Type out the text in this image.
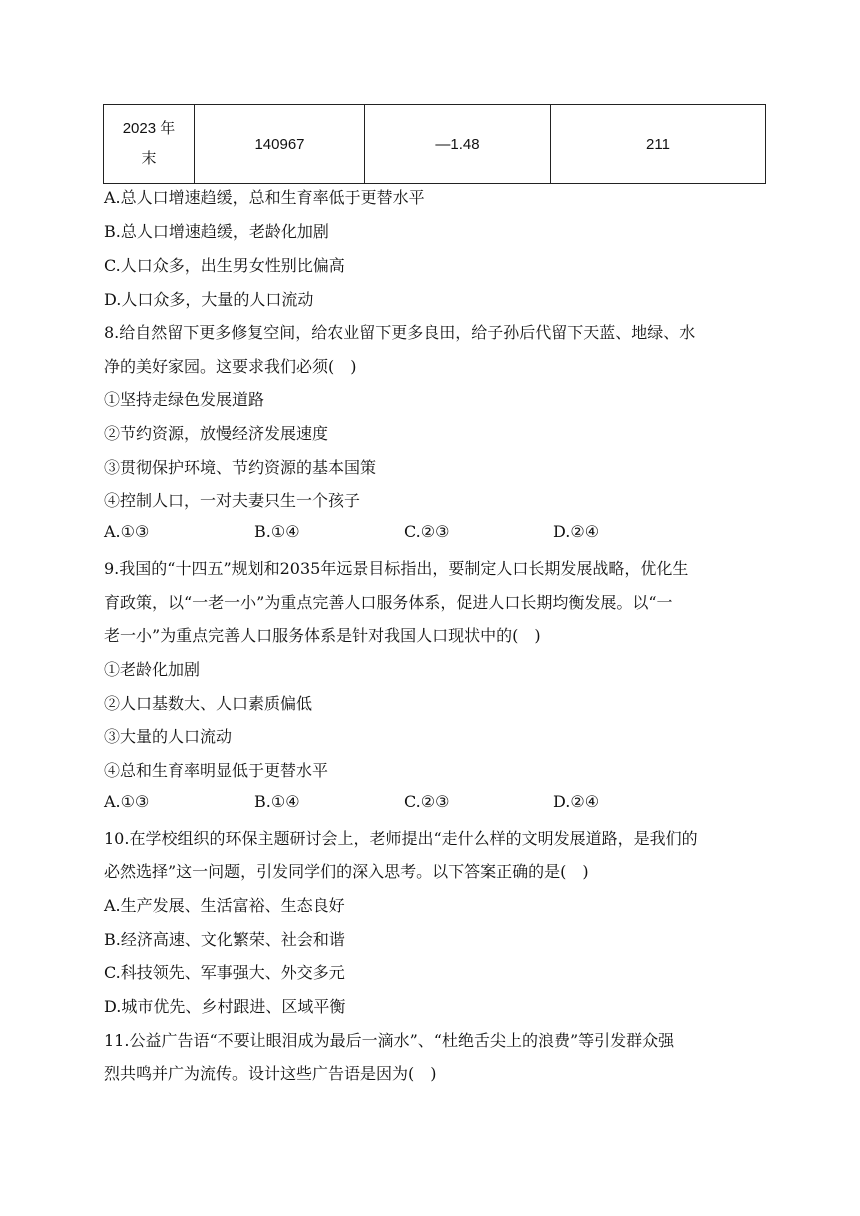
2023 年
末
	140967	—1.48	211
A.总人口增速趋缓，总和生育率低于更替水平
B.总人口增速趋缓，老龄化加剧
C.人口众多，出生男女性别比偏高
D.人口众多，大量的人口流动
8.给自然留下更多修复空间，给农业留下更多良田，给子孙后代留下天蓝、地绿、水
净的美好家园。这要求我们必须(　)
①坚持走绿色发展道路
②节约资源，放慢经济发展速度
③贯彻保护环境、节约资源的基本国策
④控制人口，一对夫妻只生一个孩子
A.①③	B.①④	C.②③	D.②④
9.我国的“十四五”规划和2035年远景目标指出，要制定人口长期发展战略，优化生
育政策，以“一老一小”为重点完善人口服务体系，促进人口长期均衡发展。以“一
老一小”为重点完善人口服务体系是针对我国人口现状中的(　)
①老龄化加剧
②人口基数大、人口素质偏低
③大量的人口流动
④总和生育率明显低于更替水平
A.①③	B.①④	C.②③	D.②④
10.在学校组织的环保主题研讨会上，老师提出“走什么样的文明发展道路，是我们的
必然选择”这一问题，引发同学们的深入思考。以下答案正确的是(　)
A.生产发展、生活富裕、生态良好
B.经济高速、文化繁荣、社会和谐
C.科技领先、军事强大、外交多元
D.城市优先、乡村跟进、区域平衡
11.公益广告语“不要让眼泪成为最后一滴水”、“杜绝舌尖上的浪费”等引发群众强
烈共鸣并广为流传。设计这些广告语是因为(　)
